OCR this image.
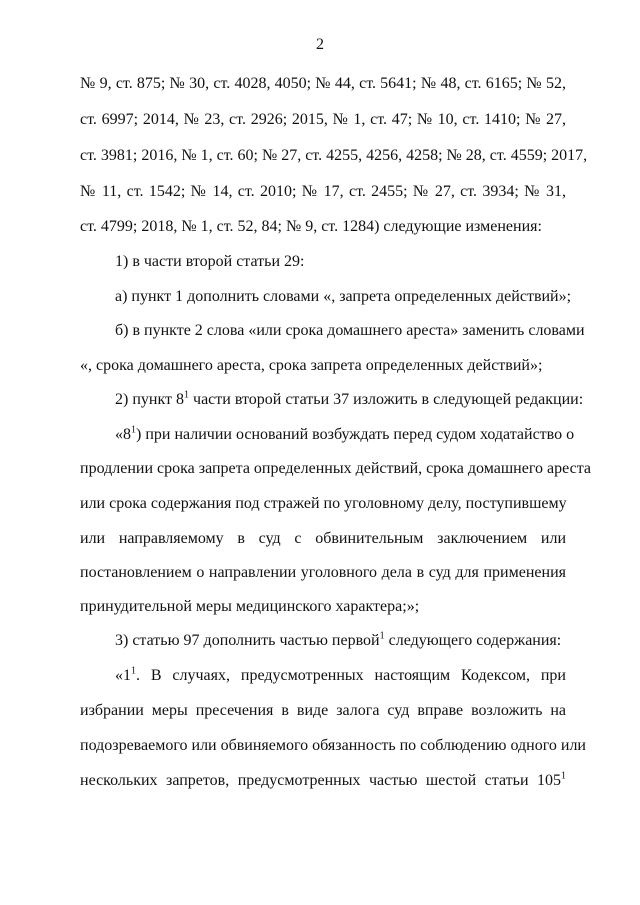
2
№ 9, ст. 875; № 30, ст. 4028, 4050; № 44, ст. 5641; № 48, ст. 6165; № 52,
ст. 6997; 2014, № 23, ст. 2926; 2015, № 1, ст. 47; № 10, ст. 1410; № 27,
ст. 3981; 2016, № 1, ст. 60; № 27, ст. 4255, 4256, 4258; № 28, ст. 4559; 2017,
№ 11, ст. 1542; № 14, ст. 2010; № 17, ст. 2455; № 27, ст. 3934; № 31,
ст. 4799; 2018, № 1, ст. 52, 84; № 9, ст. 1284) следующие изменения:
1) в части второй статьи 29:
а) пункт 1 дополнить словами «, запрета определенных действий»;
б) в пункте 2 слова «или срока домашнего ареста» заменить словами
«, срока домашнего ареста, срока запрета определенных действий»;
2) пункт $8^1$ части второй статьи 37 изложить в следующей редакции:
«$8^1$) при наличии оснований возбуждать перед судом ходатайство о
продлении срока запрета определенных действий, срока домашнего ареста
или срока содержания под стражей по уголовному делу, поступившему
или направляемому в суд с обвинительным заключением или
постановлением о направлении уголовного дела в суд для применения
принудительной меры медицинского характера;»;
3) статью 97 дополнить частью первой$^1$ следующего содержания:
«$1^1$. В случаях, предусмотренных настоящим Кодексом, при
избрании меры пресечения в виде залога суд вправе возложить на
подозреваемого или обвиняемого обязанность по соблюдению одного или
нескольких запретов, предусмотренных частью шестой статьи $105^1$
